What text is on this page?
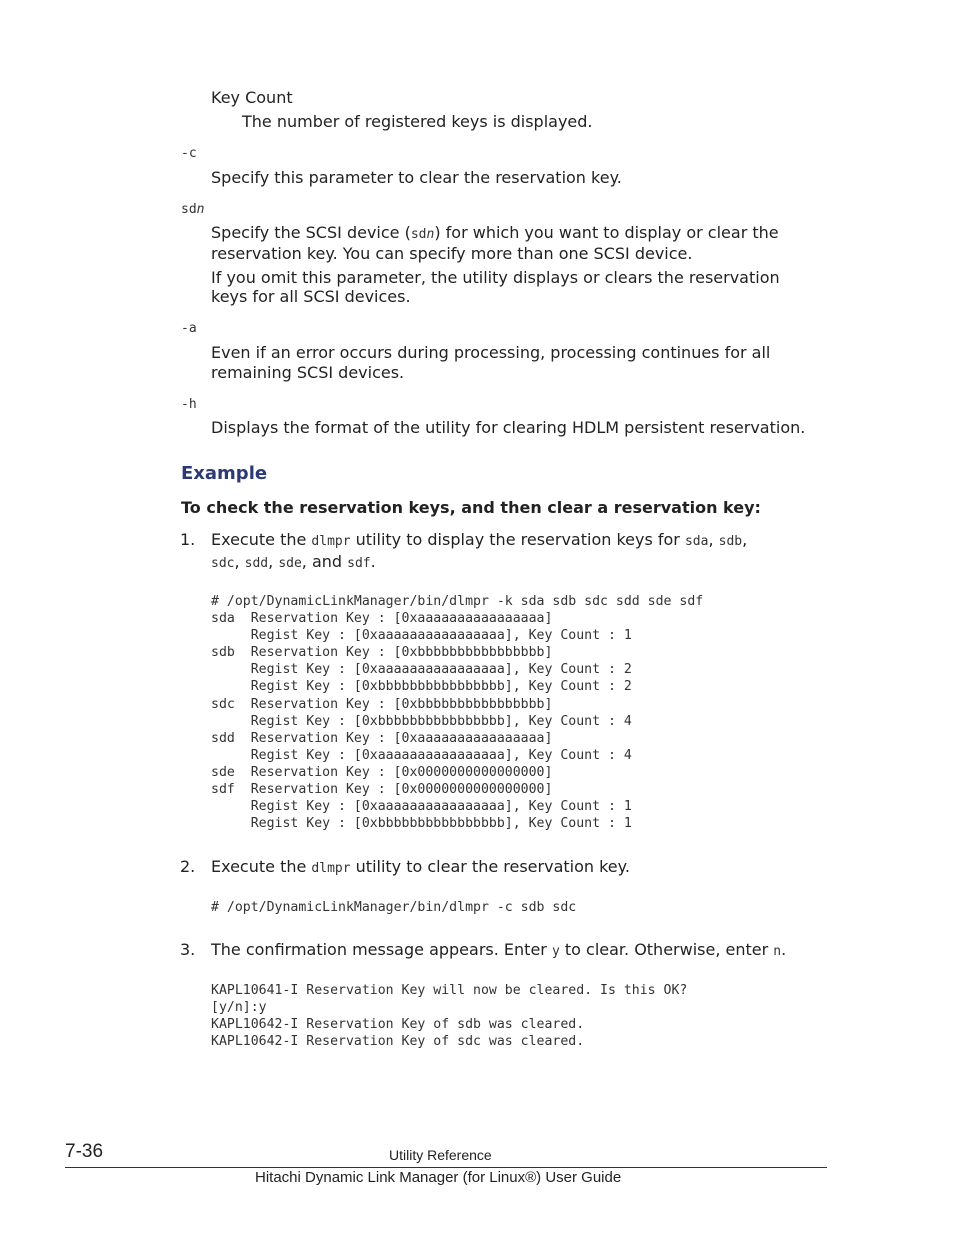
Key Count
The number of registered keys is displayed.
-c
Specify this parameter to clear the reservation key.
sdn
Specify the SCSI device (sdn) for which you want to display or clear the
reservation key. You can specify more than one SCSI device.
If you omit this parameter, the utility displays or clears the reservation
keys for all SCSI devices.
-a
Even if an error occurs during processing, processing continues for all
remaining SCSI devices.
-h
Displays the format of the utility for clearing HDLM persistent reservation.
Example
To check the reservation keys, and then clear a reservation key:
1. Execute the dlmpr utility to display the reservation keys for sda, sdb,
sdc, sdd, sde, and sdf.
# /opt/DynamicLinkManager/bin/dlmpr -k sda sdb sdc sdd sde sdf
sda  Reservation Key : [0xaaaaaaaaaaaaaaaa]
Regist Key : [0xaaaaaaaaaaaaaaaa], Key Count : 1
sdb  Reservation Key : [0xbbbbbbbbbbbbbbbb]
Regist Key : [0xaaaaaaaaaaaaaaaa], Key Count : 2
Regist Key : [0xbbbbbbbbbbbbbbbb], Key Count : 2
sdc  Reservation Key : [0xbbbbbbbbbbbbbbbb]
Regist Key : [0xbbbbbbbbbbbbbbbb], Key Count : 4
sdd  Reservation Key : [0xaaaaaaaaaaaaaaaa]
Regist Key : [0xaaaaaaaaaaaaaaaa], Key Count : 4
sde  Reservation Key : [0x0000000000000000]
sdf  Reservation Key : [0x0000000000000000]
Regist Key : [0xaaaaaaaaaaaaaaaa], Key Count : 1
Regist Key : [0xbbbbbbbbbbbbbbbb], Key Count : 1
2. Execute the dlmpr utility to clear the reservation key.
# /opt/DynamicLinkManager/bin/dlmpr -c sdb sdc
3. The confirmation message appears. Enter y to clear. Otherwise, enter n.
KAPL10641-I Reservation Key will now be cleared. Is this OK?
[y/n]:y
KAPL10642-I Reservation Key of sdb was cleared.
KAPL10642-I Reservation Key of sdc was cleared.
7-36	Utility Reference
Hitachi Dynamic Link Manager (for Linux®) User Guide
